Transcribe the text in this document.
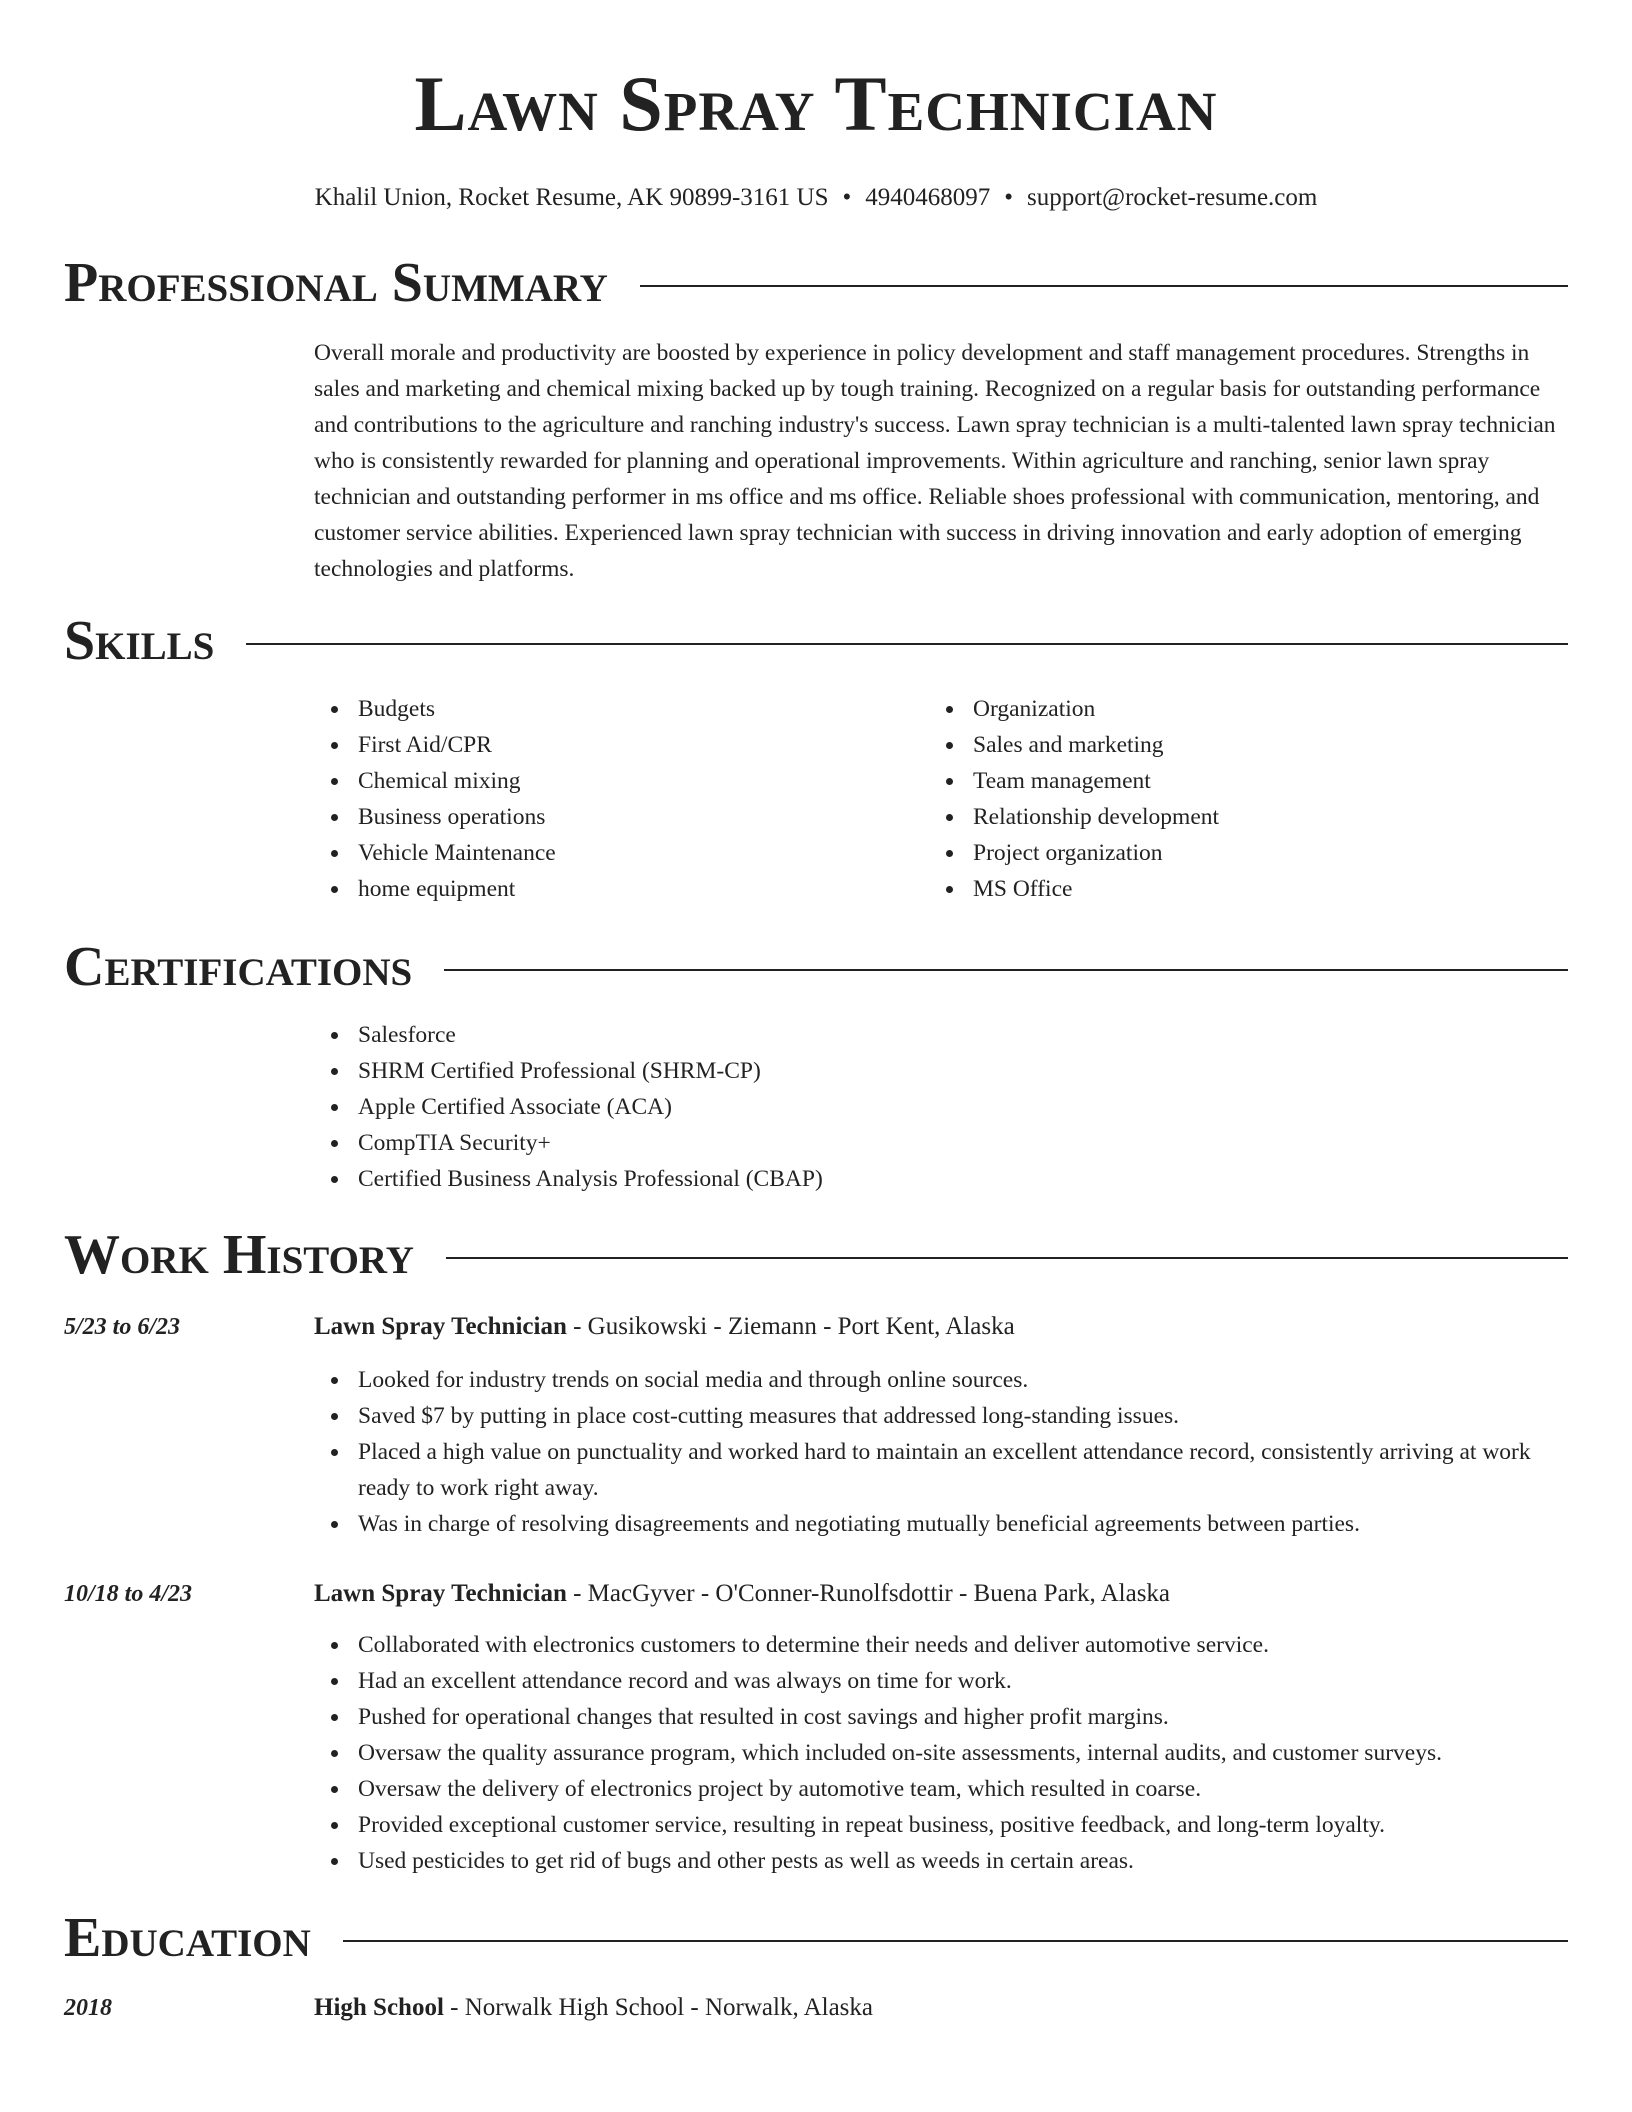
Lawn Spray Technician
Khalil Union, Rocket Resume, AK 90899-3161 US • 4940468097 • support@rocket-resume.com
Professional Summary

Overall morale and productivity are boosted by experience in policy development and staff management procedures. Strengths in sales and marketing and chemical mixing backed up by tough training. Recognized on a regular basis for outstanding performance and contributions to the agriculture and ranching industry's success. Lawn spray technician is a multi-talented lawn spray technician who is consistently rewarded for planning and operational improvements. Within agriculture and ranching, senior lawn spray technician and outstanding performer in ms office and ms office. Reliable shoes professional with communication, mentoring, and customer service abilities. Experienced lawn spray technician with success in driving innovation and early adoption of emerging technologies and platforms.

Skills
Budgets
First Aid/CPR
Chemical mixing
Business operations
Vehicle Maintenance
home equipment
Organization
Sales and marketing
Team management
Relationship development
Project organization
MS Office
Certifications
Salesforce
SHRM Certified Professional (SHRM-CP)
Apple Certified Associate (ACA)
CompTIA Security+
Certified Business Analysis Professional (CBAP)
Work History
5/23 to 6/23	Lawn Spray Technician - Gusikowski - Ziemann - Port Kent, Alaska
Looked for industry trends on social media and through online sources.
Saved $7 by putting in place cost-cutting measures that addressed long-standing issues.
Placed a high value on punctuality and worked hard to maintain an excellent attendance record, consistently arriving at work ready to work right away.
Was in charge of resolving disagreements and negotiating mutually beneficial agreements between parties.
10/18 to 4/23	Lawn Spray Technician - MacGyver - O'Conner-Runolfsdottir - Buena Park, Alaska
Collaborated with electronics customers to determine their needs and deliver automotive service.
Had an excellent attendance record and was always on time for work.
Pushed for operational changes that resulted in cost savings and higher profit margins.
Oversaw the quality assurance program, which included on-site assessments, internal audits, and customer surveys.
Oversaw the delivery of electronics project by automotive team, which resulted in coarse.
Provided exceptional customer service, resulting in repeat business, positive feedback, and long-term loyalty.
Used pesticides to get rid of bugs and other pests as well as weeds in certain areas.
Education
2018	High School - Norwalk High School - Norwalk, Alaska
